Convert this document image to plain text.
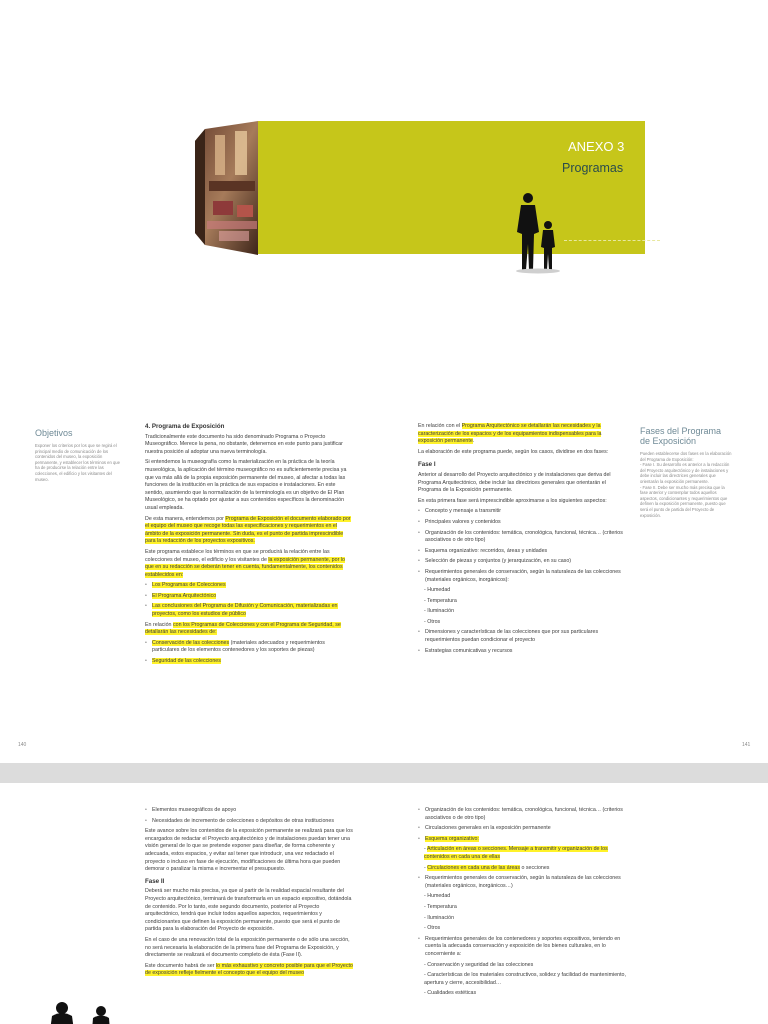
ANEXO 3
Programas
Objetivos
Exponer los criterios por los que se regirá el principal medio de comunicación de los contenidos del museo, la exposición permanente, y establecer los términos en que ha de producirse la relación entre las colecciones, el edificio y los visitantes del museo.
4. Programa de Exposición

Tradicionalmente este documento ha sido denominado Programa o Proyecto Museográfico. Merece la pena, no obstante, detenernos en este punto para justificar nuestra posición al adoptar una nueva terminología.

Si entendemos la museografía como la materialización en la práctica de la teoría museológica, la aplicación del término museográfico no es suficientemente precisa ya que va más allá de la propia exposición permanente del museo, al afectar a todas las funciones de la institución en la práctica de sus espacios e instalaciones. En este sentido, asumiendo que la normalización de la terminología es un objetivo de El Plan Museológico, se ha optado por ajustar a sus contenidos específicos la denominación usual empleada.

De esta manera, entendemos por Programa de Exposición el documento elaborado por el equipo del museo que recoge todas las especificaciones y requerimientos en el ámbito de la exposición permanente. Sin duda, es el punto de partida imprescindible para la redacción de los proyectos expositivos.

Este programa establece los términos en que se producirá la relación entre las colecciones del museo, el edificio y los visitantes de la exposición permanente, por lo que en su redacción se deberán tener en cuenta, fundamentalmente, los contenidos establecidos en:

• Los Programas de Colecciones
• El Programa Arquitectónico
• Las conclusiones del Programa de Difusión y Comunicación, materializadas en proyectos, como los estudios de público

En relación con los Programas de Colecciones y con el Programa de Seguridad, se detallarán las necesidades de:

• Conservación de las colecciones (materiales adecuados y requerimientos particulares de los elementos contenedores y los soportes de piezas)
• Seguridad de las colecciones
140

En relación con el Programa Arquitectónico se detallarán las necesidades y la caracterización de los espacios y de los equipamientos indispensables para la exposición permanente.

La elaboración de este programa puede, según los casos, dividirse en dos fases:

Fase I

Anterior al desarrollo del Proyecto arquitectónico y de instalaciones que deriva del Programa Arquitectónico, debe incluir las directrices generales que orientarán el Programa de la Exposición permanente.

En esta primera fase será imprescindible aproximarse a los siguientes aspectos:

• Concepto y mensaje a transmitir
• Principales valores y contenidos
• Organización de los contenidos: temática, cronológica, funcional, técnica… (criterios asociativos o de otro tipo)
• Esquema organizativo: recorridos, áreas y unidades
• Selección de piezas y conjuntos (y jerarquización, en su caso)
• Requerimientos generales de conservación, según la naturaleza de las colecciones (materiales orgánicos, inorgánicos):
- Humedad
- Temperatura
- Iluminación
- Otros
• Dimensiones y características de las colecciones que por sus particulares requerimientos puedan condicionar el proyecto
• Estrategias comunicativas y recursos
Fases del Programa de Exposición
Pueden establecerse dos fases en la elaboración del Programa de Exposición:
- Fase I. Su desarrollo es anterior a la redacción del Proyecto arquitectónico y de instalaciones y debe incluir las directrices generales que orientarán la exposición permanente.
- Fase II. Debe ser mucho más precisa que la fase anterior y contemplar todos aquellos aspectos, condicionantes y requerimientos que definen la exposición permanente, puesto que será el punto de partida del Proyecto de exposición.
141
• Elementos museográficos de apoyo
• Necesidades de incremento de colecciones o depósitos de otras instituciones

Este avance sobre los contenidos de la exposición permanente se realizará para que los encargados de redactar el Proyecto arquitectónico y de instalaciones puedan tener una visión general de lo que se pretende exponer para diseñar, de forma coherente y adecuada, estos espacios, y evitar así tener que introducir, una vez redactado el proyecto o incluso en fase de ejecución, modificaciones de última hora que pueden demorar o paralizar la misma e incrementar el presupuesto.

Fase II

Deberá ser mucho más precisa, ya que al partir de la realidad espacial resultante del Proyecto arquitectónico, terminará de transformarla en un espacio expositivo, dotándola de contenido. Por lo tanto, este segundo documento, posterior al Proyecto arquitectónico, tendrá que incluir todos aquellos aspectos, requerimientos y condicionantes que definen la exposición permanente, puesto que será el punto de partida para la elaboración del Proyecto de exposición.

En el caso de una renovación total de la exposición permanente o de sólo una sección, no será necesaria la elaboración de la primera fase del Programa de Exposición, y directamente se realizará el documento completo de ésta (Fase II).

Este documento habrá de ser lo más exhaustivo y concreto posible para que el Proyecto de exposición refleje fielmente el concepto que el equipo del museo

• Organización de los contenidos: temática, cronológica, funcional, técnica… (criterios asociativos o de otro tipo)
• Circulaciones generales en la exposición permanente
• Esquema organizativo:
- Articulación en áreas o secciones. Mensaje a transmitir y organización de los contenidos en cada una de ellas
- Circulaciones en cada una de las áreas o secciones
• Requerimientos generales de conservación, según la naturaleza de las colecciones (materiales orgánicos, inorgánicos…)
- Humedad
- Temperatura
- Iluminación
- Otros
• Requerimientos generales de los contenedores y soportes expositivos, teniendo en cuenta la adecuada conservación y exposición de los bienes culturales, en lo concerniente a:
- Conservación y seguridad de las colecciones
- Características de los materiales constructivos, solidez y facilidad de mantenimiento, apertura y cierre, accesibilidad…
- Cualidades estéticas
